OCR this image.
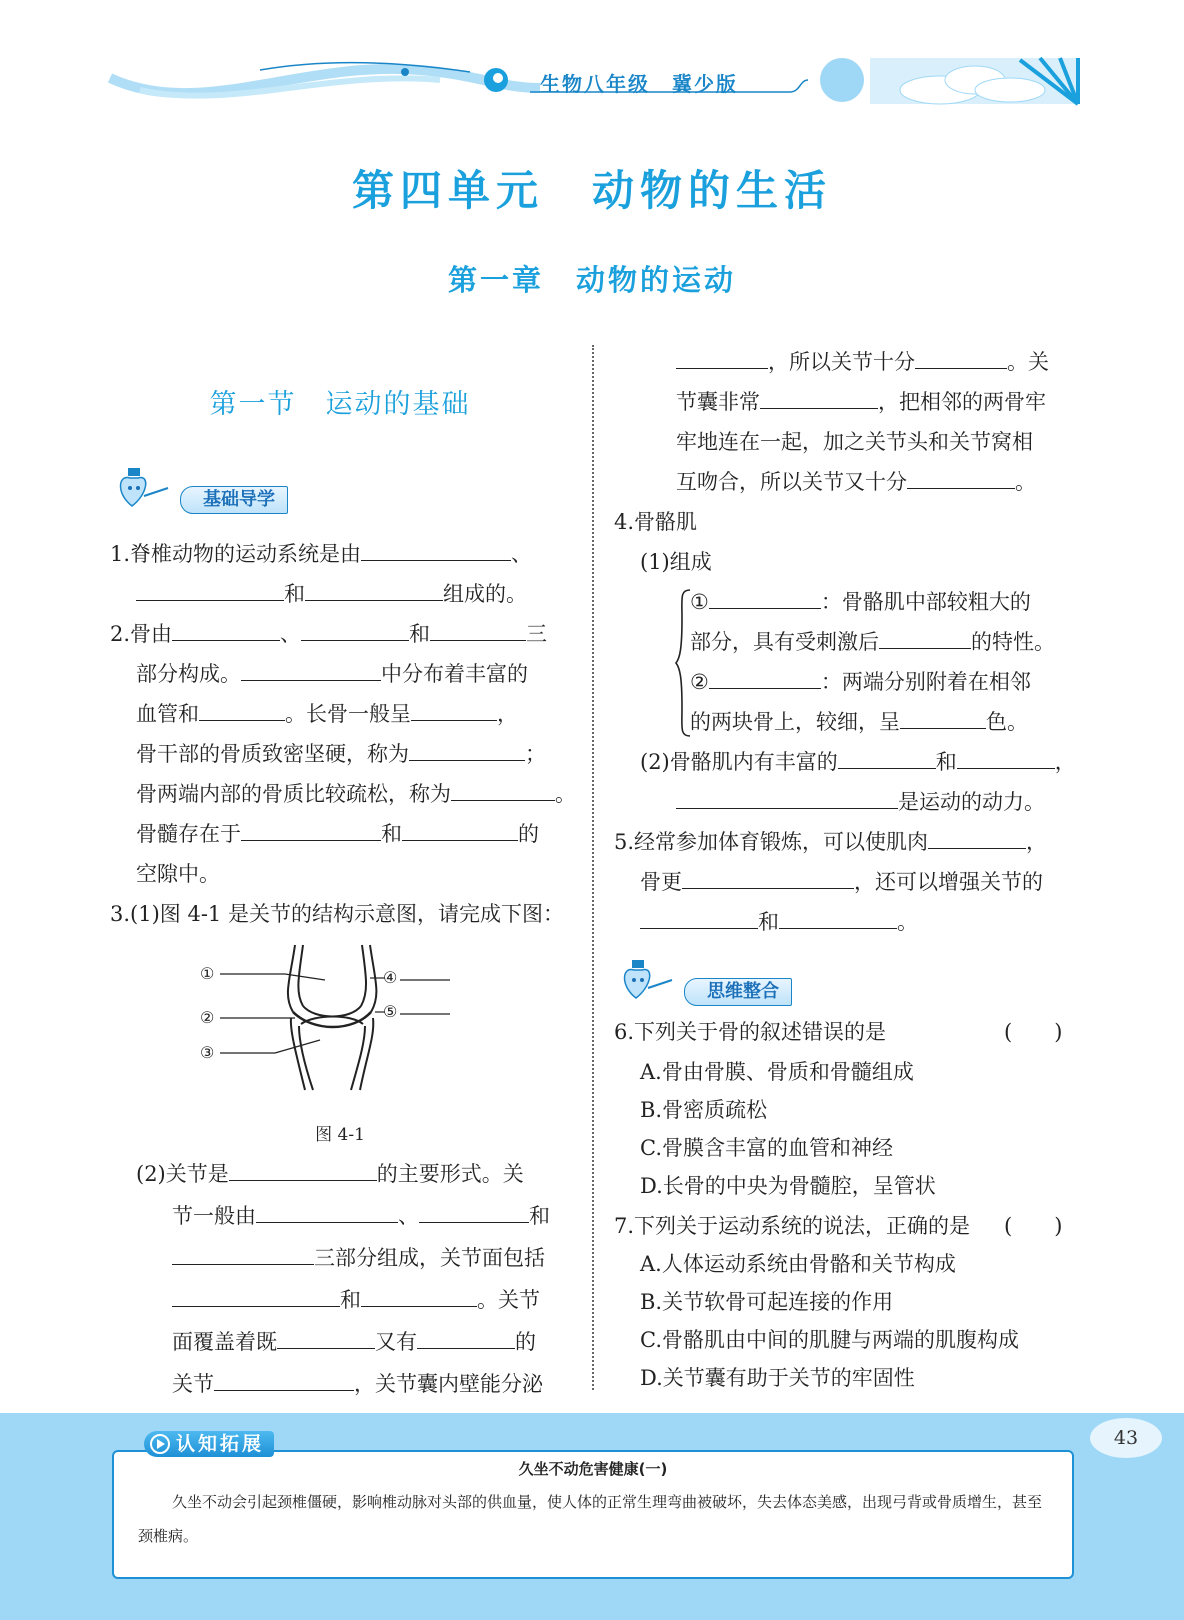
生物八年级　冀少版
第四单元　动物的生活
第一章　动物的运动
第一节　运动的基础
基础导学
1.脊椎动物的运动系统是由	、
和	组成的。
2.骨由	、	和	三
部分构成。	中分布着丰富的
血管和	。长骨一般呈	，
骨干部的骨质致密坚硬，称为	；
骨两端内部的骨质比较疏松，称为	。
骨髓存在于	和	的
空隙中。
3.(1)图 4-1 是关节的结构示意图，请完成下图：
①
②
③
④
⑤
图 4-1
(2)关节是	的主要形式。关
节一般由	、	和
三部分组成，关节面包括
和	。关节
面覆盖着既	又有	的
关节	，关节囊内壁能分泌
，所以关节十分	。关
节囊非常	，把相邻的两骨牢
牢地连在一起，加之关节头和关节窝相
互吻合，所以关节又十分	。
4.骨骼肌
(1)组成
①	：骨骼肌中部较粗大的
部分，具有受刺激后	的特性。
②	：两端分别附着在相邻
的两块骨上，较细，呈	色。
(2)骨骼肌内有丰富的	和	，
是运动的动力。
5.经常参加体育锻炼，可以使肌肉	，
骨更	，还可以增强关节的
和	。
思维整合
6.下列关于骨的叙述错误的是	(　　)
A.骨由骨膜、骨质和骨髓组成
B.骨密质疏松
C.骨膜含丰富的血管和神经
D.长骨的中央为骨髓腔，呈管状
7.下列关于运动系统的说法，正确的是 (　　)
A.人体运动系统由骨骼和关节构成
B.关节软骨可起连接的作用
C.骨骼肌由中间的肌腱与两端的肌腹构成
D.关节囊有助于关节的牢固性
43
认知拓展
久坐不动危害健康(一)
久坐不动会引起颈椎僵硬，影响椎动脉对头部的供血量，使人体的正常生理弯曲被破坏，失去体态美感，出现弓背或骨质增生，甚至颈椎病。
